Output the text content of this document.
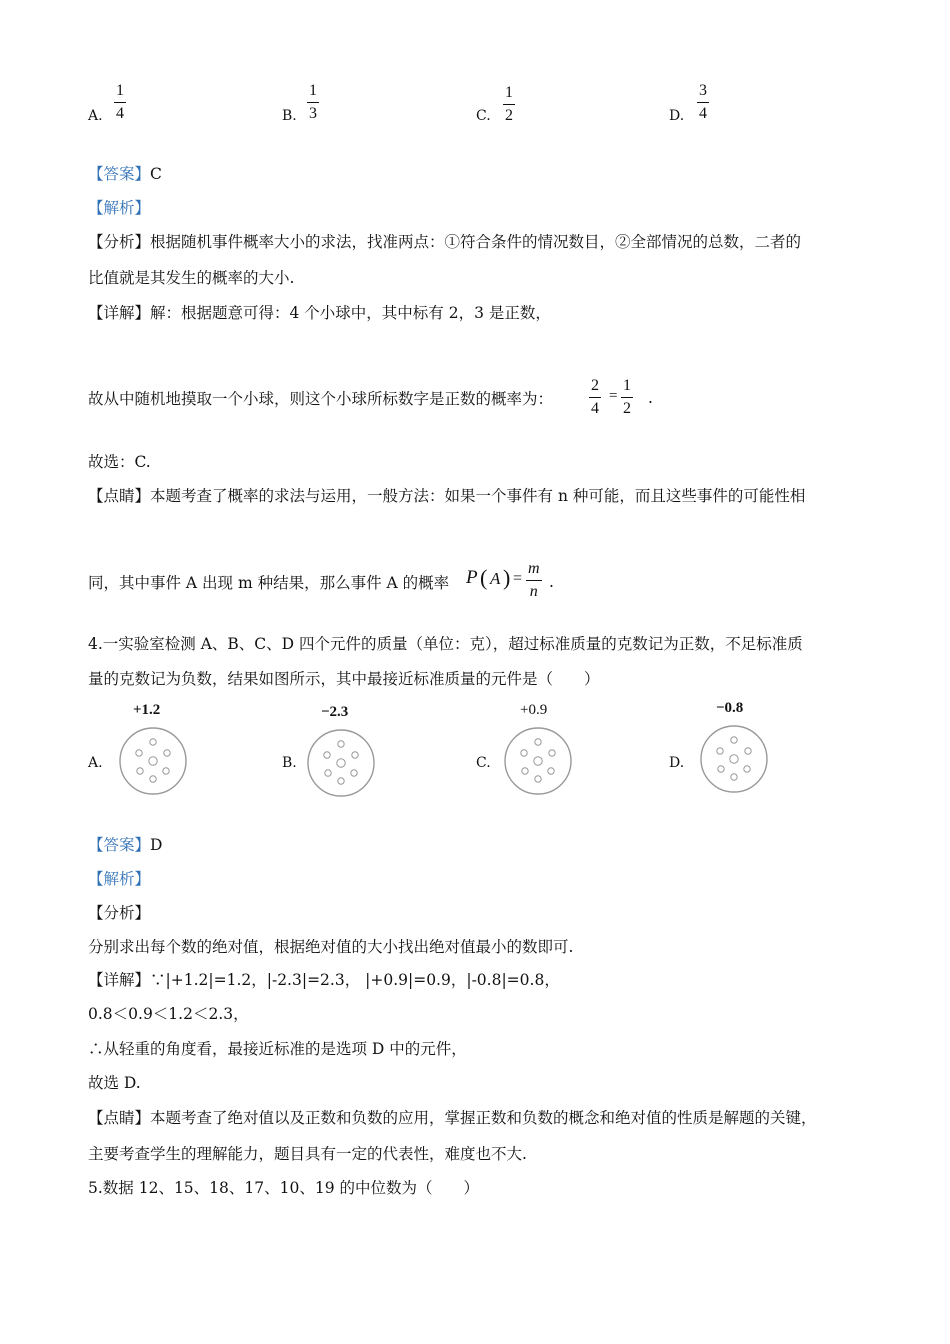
A.
1
4	B.
1
3	C.
1
2	D.
3
4
【答案】C
【解析】
【分析】根据随机事件概率大小的求法，找准两点：①符合条件的情况数目，②全部情况的总数，二者的
比值就是其发生的概率的大小.
【详解】解：根据题意可得：4 个小球中，其中标有 2，3 是正数，
故从中随机地摸取一个小球，则这个小球所标数字是正数的概率为：
2
4
=
1
2
.
故选：C.
【点睛】本题考查了概率的求法与运用，一般方法：如果一个事件有 n 种可能，而且这些事件的可能性相
同，其中事件 A 出现 m 种结果，那么事件 A 的概率 P ( A ) =
m
n
.
4.一实验室检测 A、B、C、D 四个元件的质量（单位：克），超过标准质量的克数记为正数，不足标准质
量的克数记为负数，结果如图所示，其中最接近标准质量的元件是（　　）
A.
+1.2
B.
−2.3
C.
+0.9
D.
−0.8
【答案】D
【解析】
【分析】
分别求出每个数的绝对值，根据绝对值的大小找出绝对值最小的数即可.
【详解】∵|+1.2|=1.2，|-2.3|=2.3， |+0.9|=0.9，|-0.8|=0.8，
0.8＜0.9＜1.2＜2.3，
∴从轻重的角度看，最接近标准的是选项 D 中的元件，
故选 D.
【点睛】本题考查了绝对值以及正数和负数的应用，掌握正数和负数的概念和绝对值的性质是解题的关键，
主要考查学生的理解能力，题目具有一定的代表性，难度也不大.
5.数据 12、15、18、17、10、19 的中位数为（　　）
